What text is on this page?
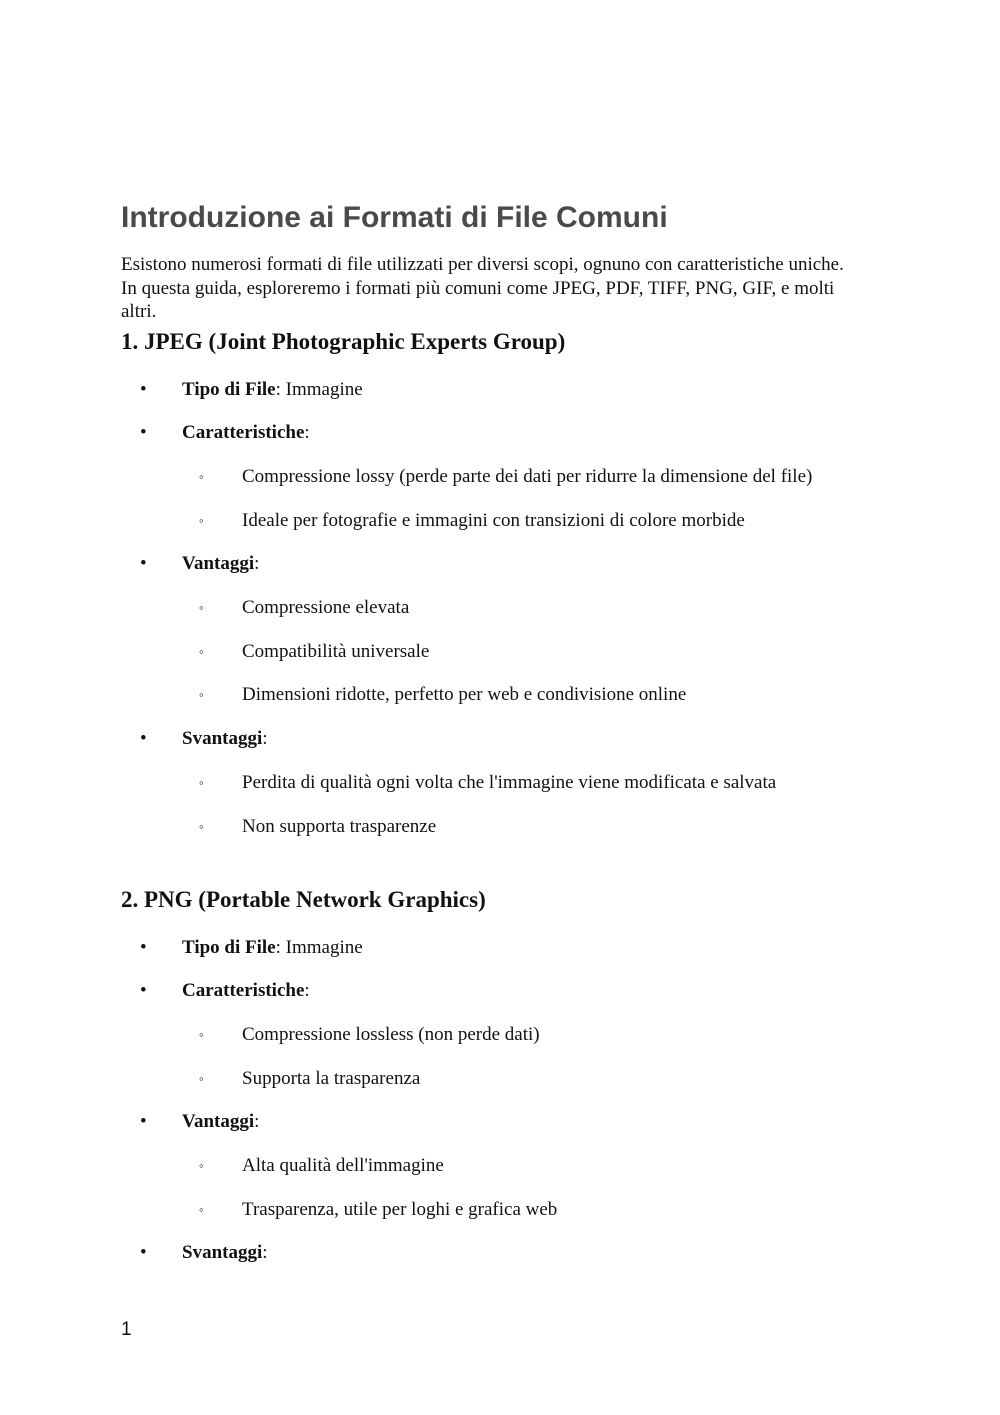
Introduzione ai Formati di File Comuni

Esistono numerosi formati di file utilizzati per diversi scopi, ognuno con caratteristiche uniche. In questa guida, esploreremo i formati più comuni come JPEG, PDF, TIFF, PNG, GIF, e molti altri.

1. JPEG (Joint Photographic Experts Group)
• Tipo di File: Immagine
• Caratteristiche:
◦ Compressione lossy (perde parte dei dati per ridurre la dimensione del file)
◦ Ideale per fotografie e immagini con transizioni di colore morbide
• Vantaggi:
◦ Compressione elevata
◦ Compatibilità universale
◦ Dimensioni ridotte, perfetto per web e condivisione online
• Svantaggi:
◦ Perdita di qualità ogni volta che l'immagine viene modificata e salvata
◦ Non supporta trasparenze
2. PNG (Portable Network Graphics)
• Tipo di File: Immagine
• Caratteristiche:
◦ Compressione lossless (non perde dati)
◦ Supporta la trasparenza
• Vantaggi:
◦ Alta qualità dell'immagine
◦ Trasparenza, utile per loghi e grafica web
• Svantaggi:
1
